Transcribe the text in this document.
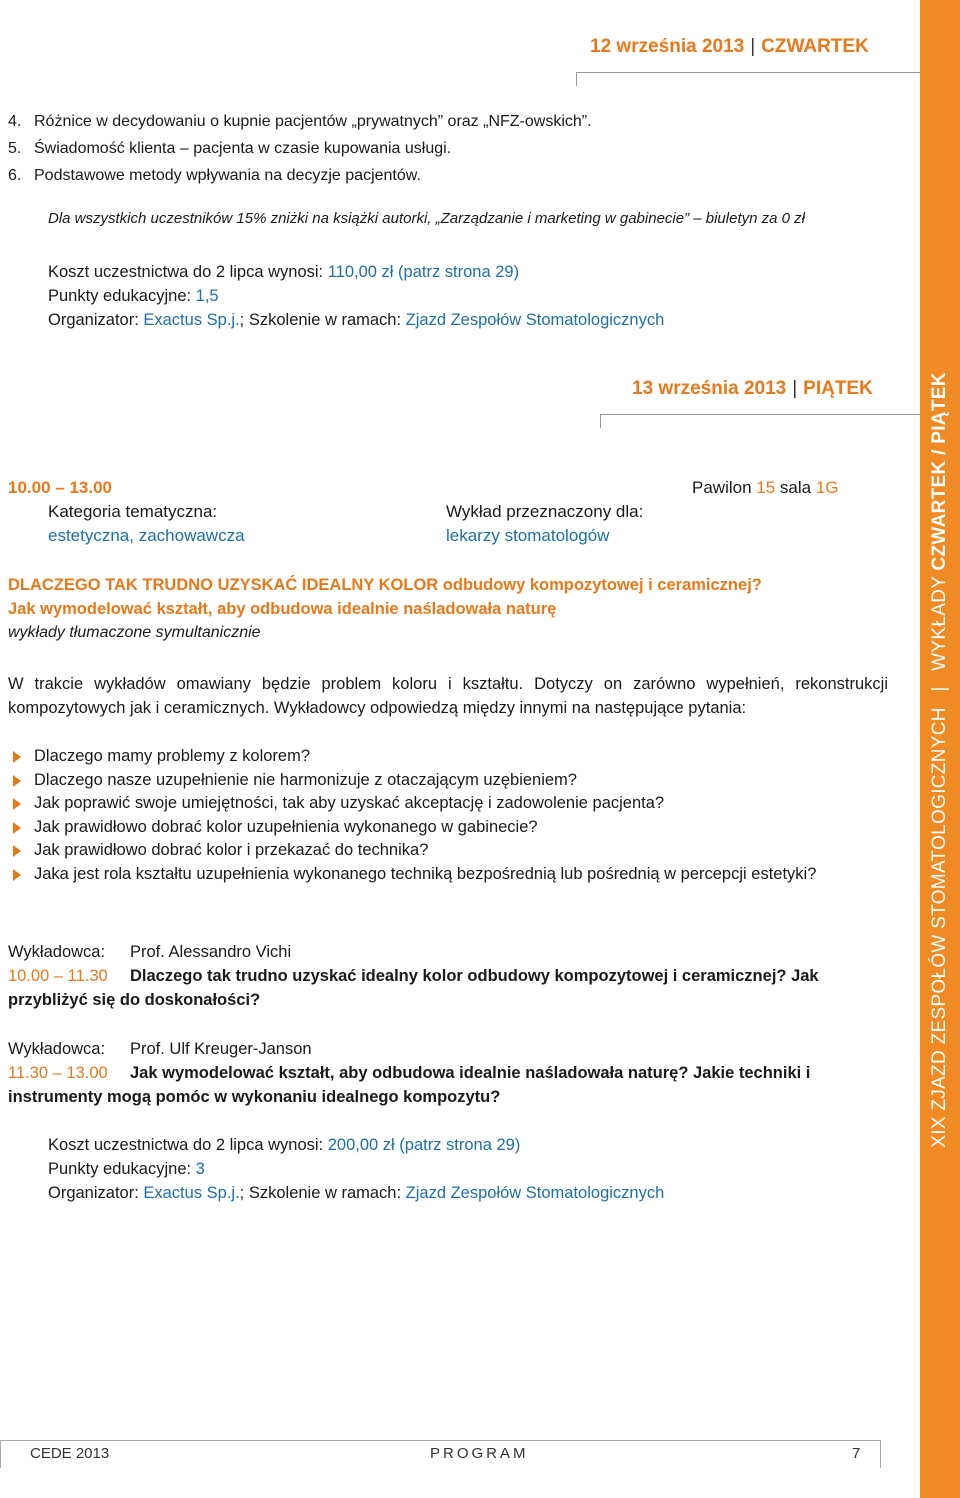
12 września 2013 | CZWARTEK
XIX ZJAZD ZESPOŁÓW STOMATOLOGICZNYCH | WYKŁADY CZWARTEK / PIĄTEK
4. Różnice w decydowaniu o kupnie pacjentów „prywatnych” oraz „NFZ-owskich”.
5. Świadomość klienta – pacjenta w czasie kupowania usługi.
6. Podstawowe metody wpływania na decyzje pacjentów.
Dla wszystkich uczestników 15% zniżki na książki autorki, „Zarządzanie i marketing w gabinecie” – biuletyn za 0 zł
Koszt uczestnictwa do 2 lipca wynosi: 110,00 zł (patrz strona 29)
Punkty edukacyjne: 1,5
Organizator: Exactus Sp.j.; Szkolenie w ramach: Zjazd Zespołów Stomatologicznych
13 września 2013 | PIĄTEK
10.00 – 13.00	Pawilon 15 sala 1G
Kategoria tematyczna:
estetyczna, zachowawcza
Wykład przeznaczony dla:
lekarzy stomatologów
DLACZEGO TAK TRUDNO UZYSKAĆ IDEALNY KOLOR odbudowy kompozytowej i ceramicznej?
Jak wymodelować kształt, aby odbudowa idealnie naśladowała naturę
wykłady tłumaczone symultanicznie
W trakcie wykładów omawiany będzie problem koloru i kształtu. Dotyczy on zarówno wypełnień, rekonstrukcji kompozytowych jak i ceramicznych. Wykładowcy odpowiedzą między innymi na następujące pytania:
Dlaczego mamy problemy z kolorem?
Dlaczego nasze uzupełnienie nie harmonizuje z otaczającym uzębieniem?
Jak poprawić swoje umiejętności, tak aby uzyskać akceptację i zadowolenie pacjenta?
Jak prawidłowo dobrać kolor uzupełnienia wykonanego w gabinecie?
Jak prawidłowo dobrać kolor i przekazać do technika?
Jaka jest rola kształtu uzupełnienia wykonanego techniką bezpośrednią lub pośrednią w percepcji estetyki?
Wykładowca: Prof. Alessandro Vichi
10.00 – 11.30 Dlaczego tak trudno uzyskać idealny kolor odbudowy kompozytowej i ceramicznej? Jak przybliżyć się do doskonałości?
Wykładowca: Prof. Ulf Kreuger-Janson
11.30 – 13.00 Jak wymodelować kształt, aby odbudowa idealnie naśladowała naturę? Jakie techniki i instrumenty mogą pomóc w wykonaniu idealnego kompozytu?
Koszt uczestnictwa do 2 lipca wynosi: 200,00 zł (patrz strona 29)
Punkty edukacyjne: 3
Organizator: Exactus Sp.j.; Szkolenie w ramach: Zjazd Zespołów Stomatologicznych
CEDE 2013	PROGRAM	7
